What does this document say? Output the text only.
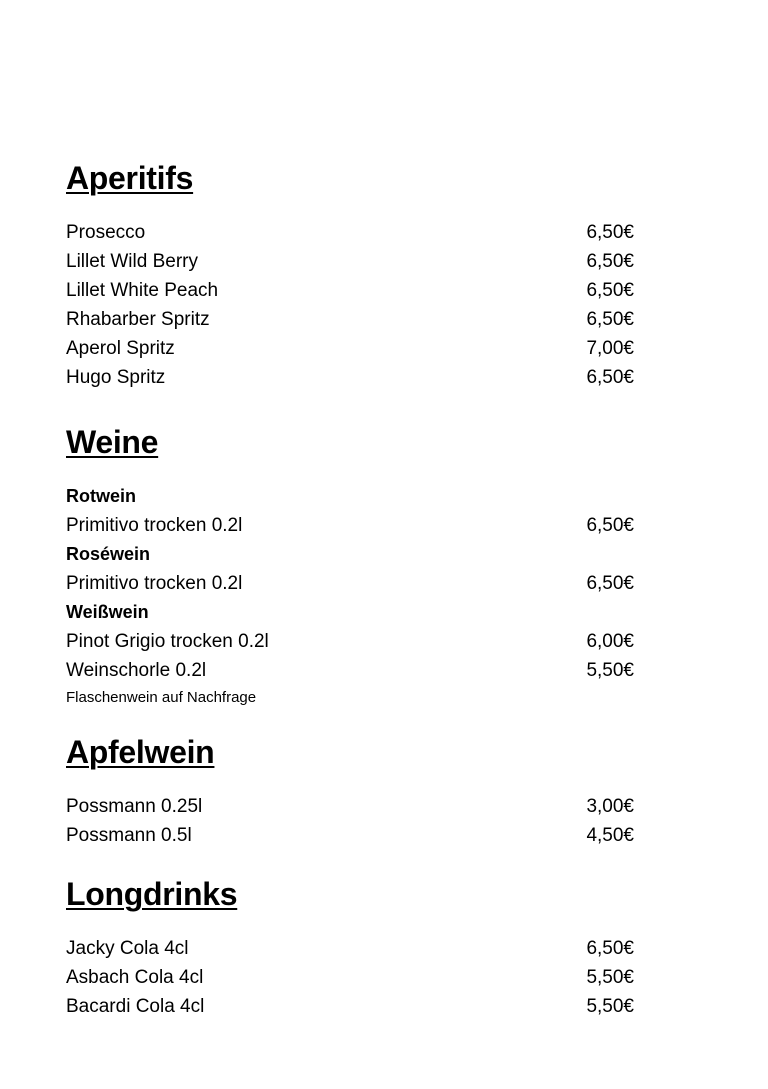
Aperitifs
Prosecco	6,50€
Lillet Wild Berry	6,50€
Lillet White Peach	6,50€
Rhabarber Spritz	6,50€
Aperol Spritz	7,00€
Hugo Spritz	6,50€
Weine
Rotwein
Primitivo trocken 0.2l	6,50€
Roséwein
Primitivo trocken 0.2l	6,50€
Weißwein
Pinot Grigio trocken 0.2l	6,00€
Weinschorle 0.2l	5,50€
Flaschenwein auf Nachfrage
Apfelwein
Possmann 0.25l	3,00€
Possmann 0.5l	4,50€
Longdrinks
Jacky Cola 4cl	6,50€
Asbach Cola 4cl	5,50€
Bacardi Cola 4cl	5,50€
